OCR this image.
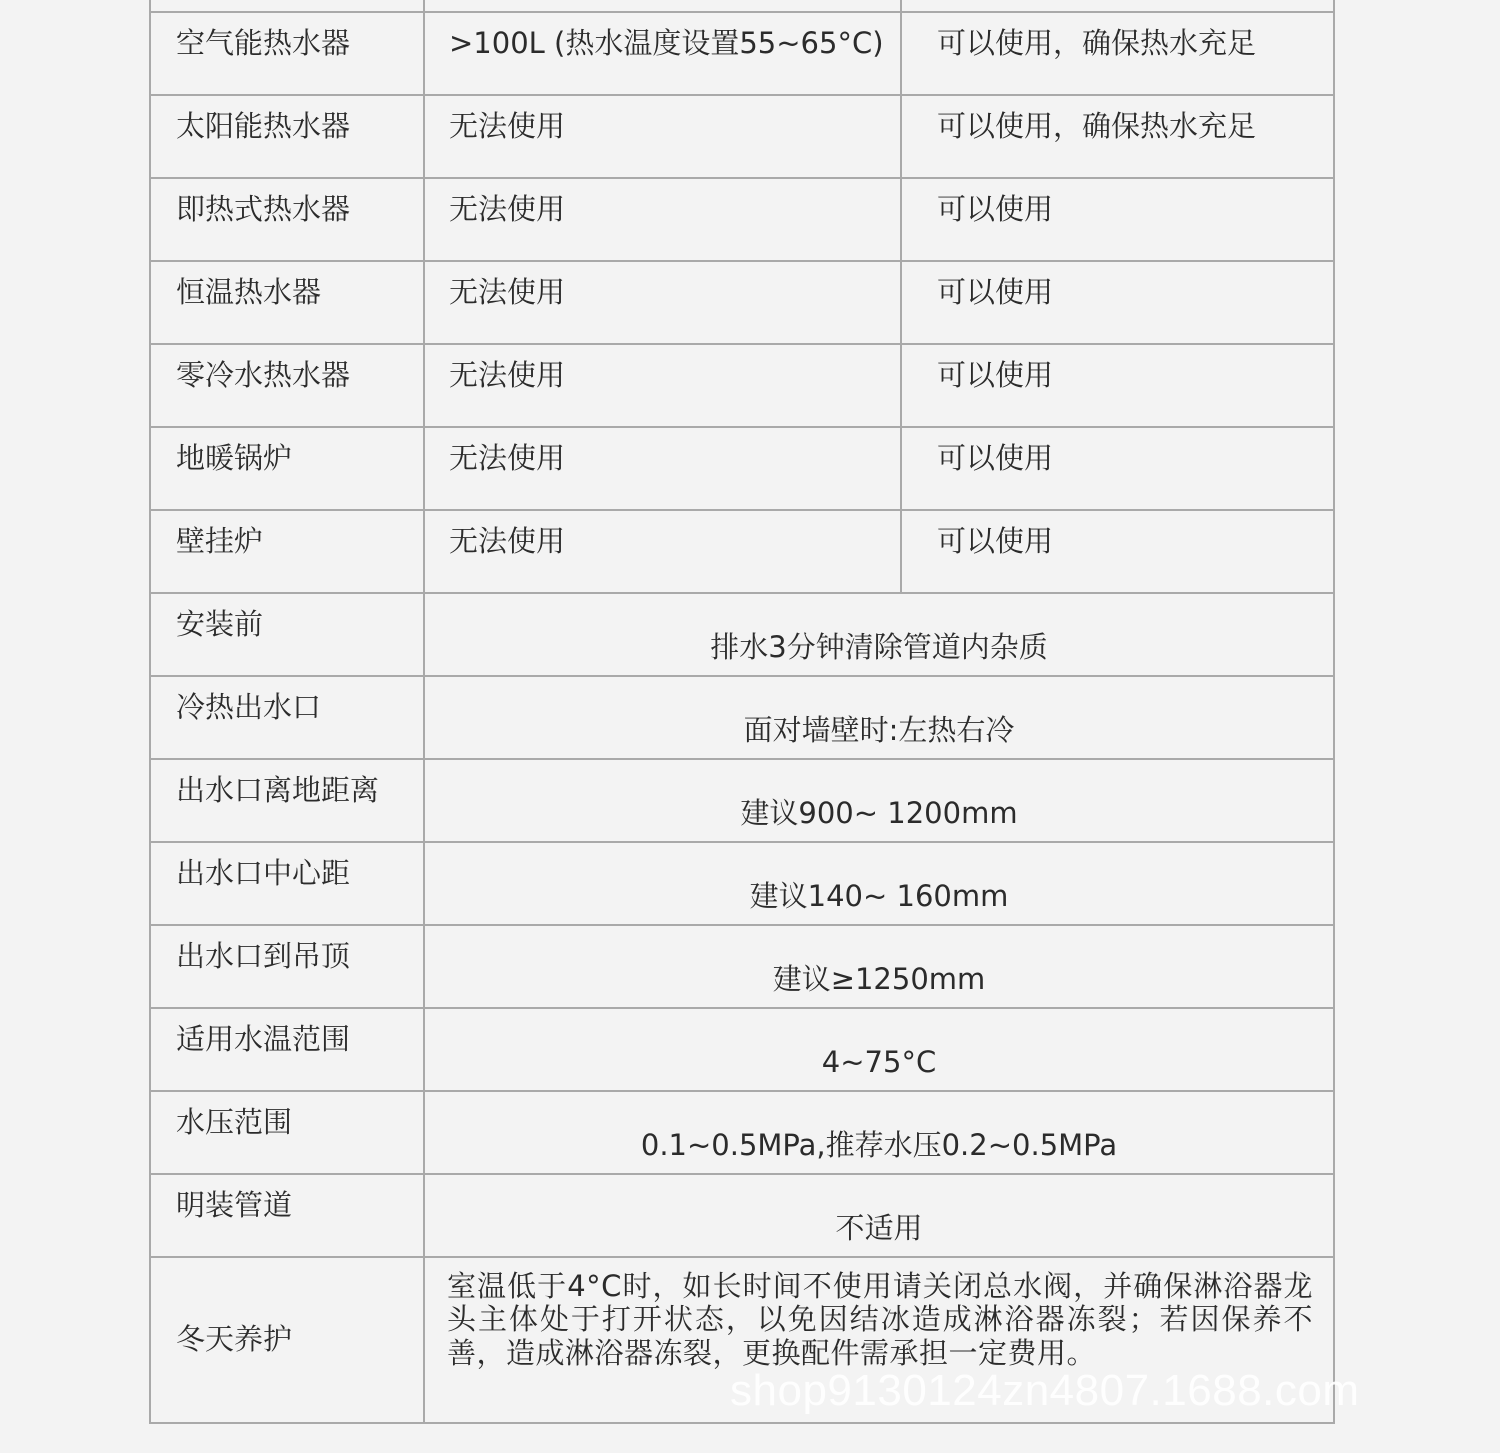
空气能热水器	>100L (热水温度设置55~65°C)	可以使用，确保热水充足
太阳能热水器	无法使用	可以使用，确保热水充足
即热式热水器	无法使用	可以使用
恒温热水器	无法使用	可以使用
零冷水热水器	无法使用	可以使用
地暖锅炉	无法使用	可以使用
壁挂炉	无法使用	可以使用
安装前	排水3分钟清除管道内杂质	
冷热出水口	面对墙壁时:左热右冷	
出水口离地距离	建议900~ 1200mm	
出水口中心距	建议140~ 160mm	
出水口到吊顶	建议≥1250mm	
适用水温范围	4~75°C	
水压范围	0.1~0.5MPa,推荐水压0.2~0.5MPa	
明装管道	不适用	
冬天养护	室温低于4°C时，如长时间不使用请关闭总水阀，并确保淋浴器龙头主体处于打开状态，以免因结冰造成淋浴器冻裂；若因保养不善，造成淋浴器冻裂，更换配件需承担一定费用。	
shop9130124zn4807.1688.com
